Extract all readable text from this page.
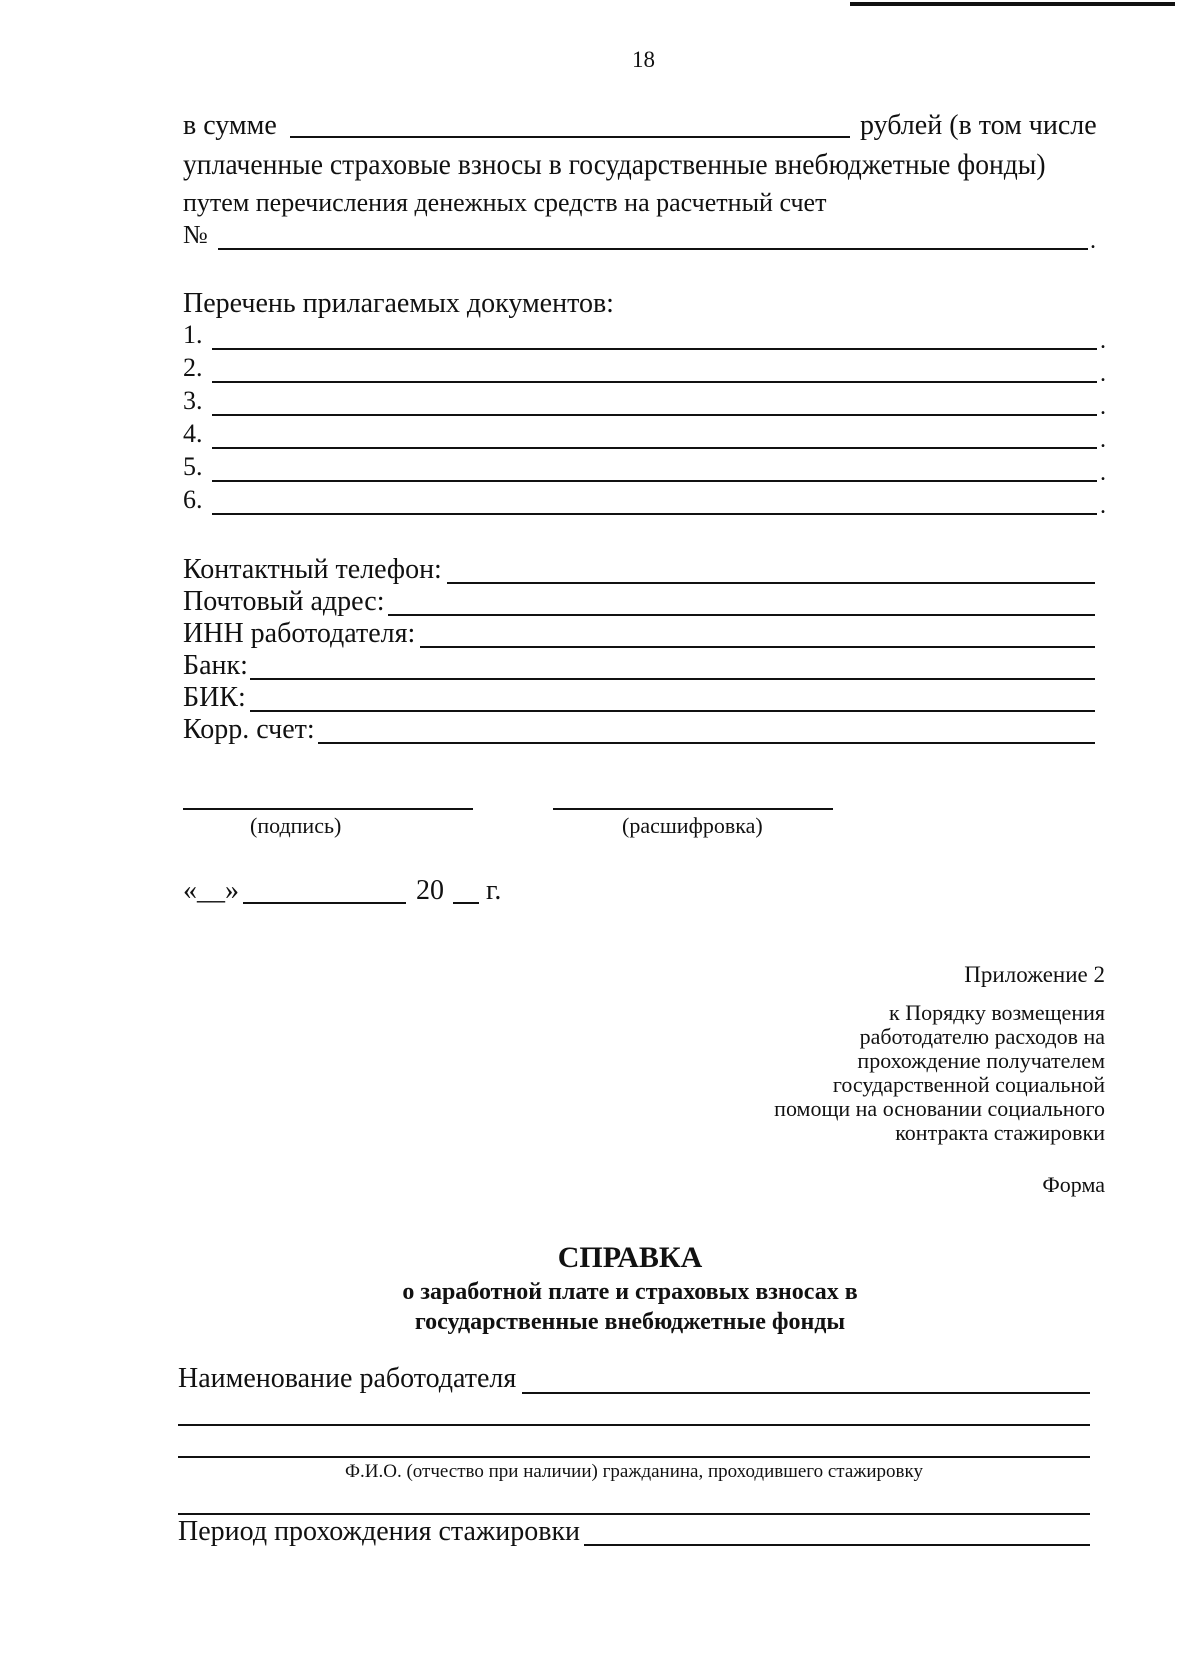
18
в сумме	рублей (в том числе
уплаченные страховые взносы в государственные внебюджетные фонды)
путем перечисления денежных средств на расчетный счет
№	.
Перечень прилагаемых документов:
1.	.
2.	.
3.	.
4.	.
5.	.
6.	.
Контактный телефон:
Почтовый адрес:
ИНН работодателя:
Банк:
БИК:
Корр. счет:
(подпись)	(расшифровка)
«__»	20 г.
Приложение 2
к Порядку возмещения
работодателю расходов на
прохождение получателем
государственной социальной
помощи на основании социального
контракта стажировки
Форма
СПРАВКА
о заработной плате и страховых взносах в
государственные внебюджетные фонды
Наименование работодателя
Ф.И.О. (отчество при наличии) гражданина, проходившего стажировку
Период прохождения стажировки
